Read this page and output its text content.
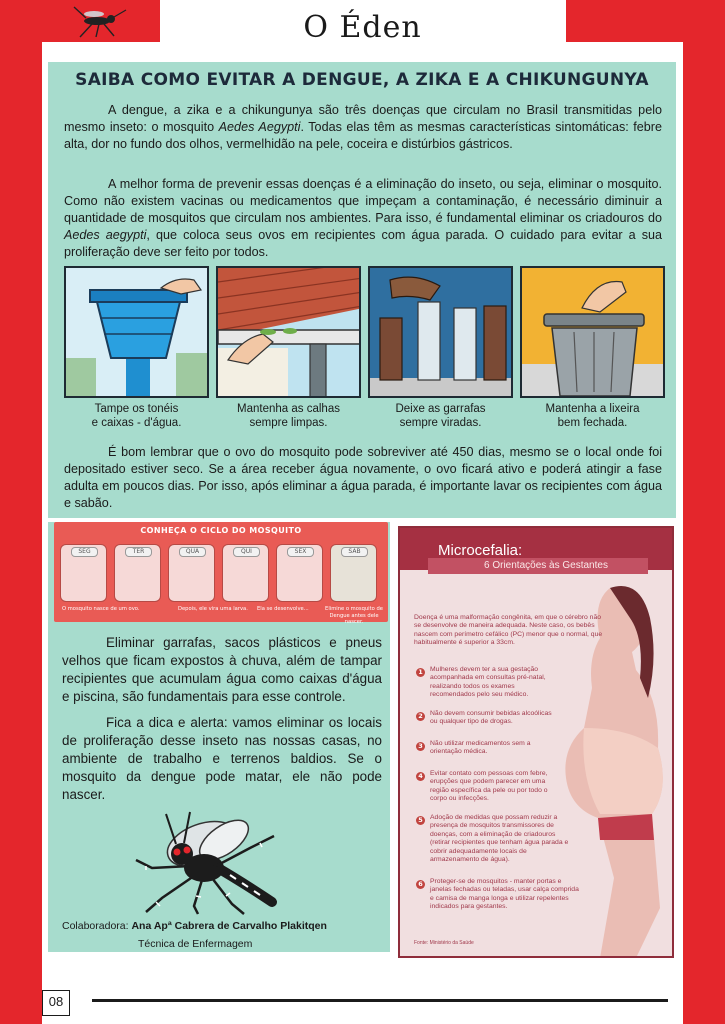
O Éden
SAIBA COMO EVITAR A DENGUE, A ZIKA E A CHIKUNGUNYA
A dengue, a zika e a chikungunya são três doenças que circulam no Brasil transmitidas pelo mesmo inseto: o mosquito Aedes Aegypti. Todas elas têm as mesmas características sintomáticas: febre alta, dor no fundo dos olhos, vermelhidão na pele, coceira e distúrbios gástricos.
A melhor forma de prevenir essas doenças é a eliminação do inseto, ou seja, eliminar o mosquito. Como não existem vacinas ou medicamentos que impeçam a contaminação, é necessário diminuir a quantidade de mosquitos que circulam nos ambientes. Para isso, é fundamental eliminar os criadouros do Aedes aegypti, que coloca seus ovos em recipientes com água parada. O cuidado para evitar a sua proliferação deve ser feito por todos.
Tampe os tonéis
e caixas - d'água.
Mantenha as calhas
sempre limpas.
Deixe as garrafas
sempre viradas.
Mantenha a lixeira
bem fechada.
É bom lembrar que o ovo do mosquito pode sobreviver até 450 dias, mesmo se o local onde foi depositado estiver seco. Se a área receber água novamente, o ovo ficará ativo e poderá atingir a fase adulta em poucos dias. Por isso, após eliminar a água parada, é importante lavar os recipientes com água e sabão.
CONHEÇA O CICLO DO MOSQUITO
SEG	TER	QUA	QUI	SEX	SAB
O mosquito nasce de um ovo.	Depois, ele vira uma larva. Ela se desenvolve...	Elimine o mosquito de
Dengue antes dele nascer.
Eliminar garrafas, sacos plásticos e pneus velhos que ficam expostos à chuva, além de tampar recipientes que acumulam água como caixas d'água e piscina, são fundamentais para esse controle.
Fica a dica e alerta: vamos eliminar os locais de proliferação desse inseto nas nossas casas, no ambiente de trabalho e terrenos baldios. Se o mosquito da dengue pode matar, ele não pode nascer.
Colaboradora: Ana Apª Cabrera de Carvalho Plakitqen
Técnica de Enfermagem
Microcefalia:
6 Orientações às Gestantes
Doença é uma malformação congênita, em que o cérebro não se desenvolve de maneira adequada. Neste caso, os bebês nascem com perímetro cefálico (PC) menor que o normal, que habitualmente é superior a 33cm.
1	Mulheres devem ter a sua gestação acompanhada em consultas pré-natal, realizando todos os exames recomendados pelo seu médico.
2	Não devem consumir bebidas alcoólicas ou qualquer tipo de drogas.
3	Não utilizar medicamentos sem a orientação médica.
4	Evitar contato com pessoas com febre, erupções que podem parecer em uma região específica da pele ou por todo o corpo ou infecções.
5	Adoção de medidas que possam reduzir a presença de mosquitos transmissores de doenças, com a eliminação de criadouros (retirar recipientes que tenham água parada e cobrir adequadamente locais de armazenamento de água).
6	Proteger-se de mosquitos - manter portas e janelas fechadas ou teladas, usar calça comprida e camisa de manga longa e utilizar repelentes indicados para gestantes.
Fonte: Ministério da Saúde
08
